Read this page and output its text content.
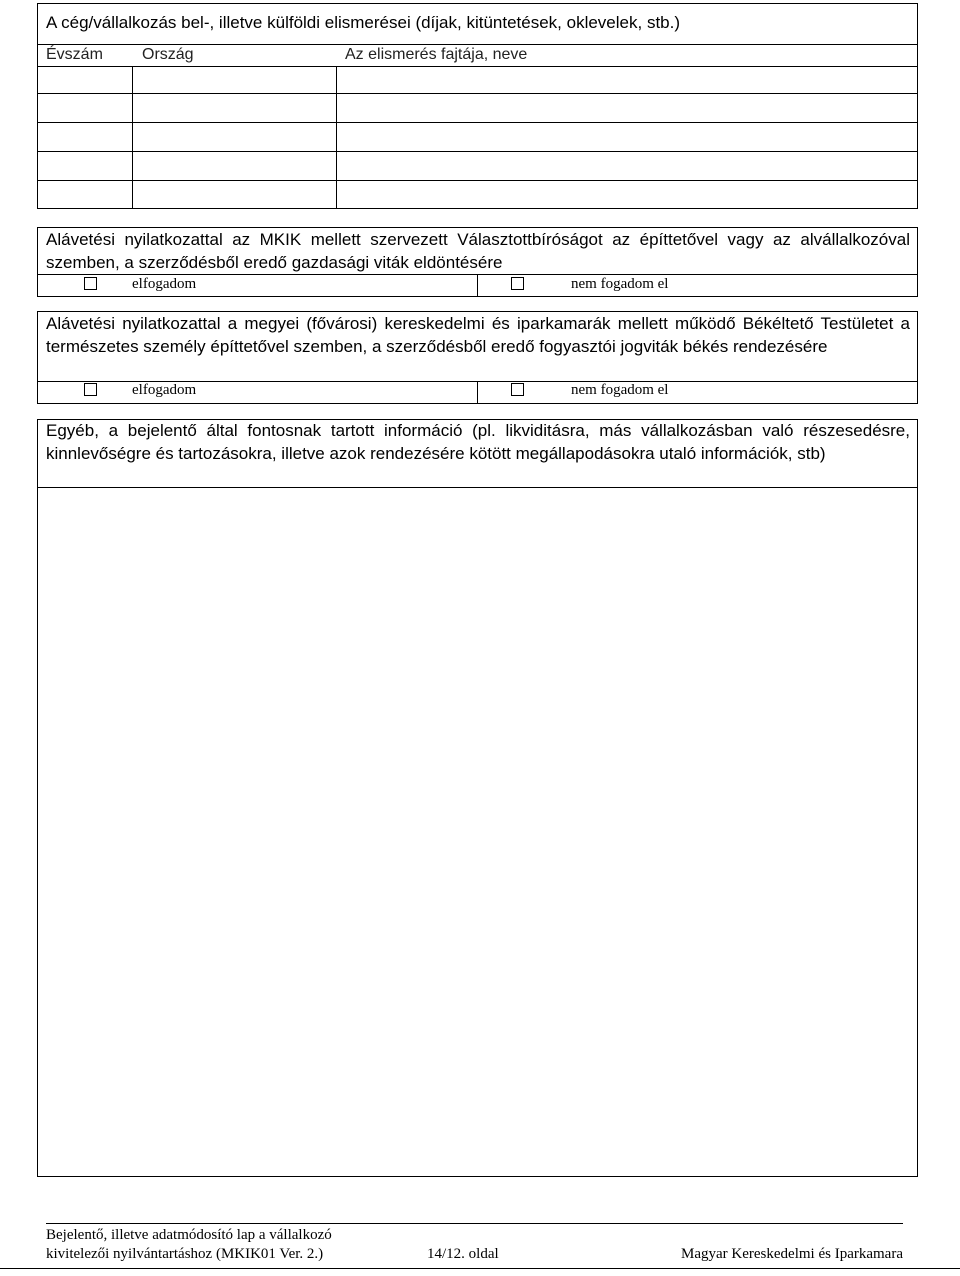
A cég/vállalkozás bel-, illetve külföldi elismerései (díjak, kitüntetések, oklevelek, stb.)
Évszám Ország	Az elismerés fajtája, neve
Alávetési nyilatkozattal az MKIK mellett szervezett Választottbíróságot az építtetővel vagy az alvállalkozóval szemben, a szerződésből eredő gazdasági viták eldöntésére
elfogadom	nem fogadom el
Alávetési nyilatkozattal a megyei (fővárosi) kereskedelmi és iparkamarák mellett működő Békéltető Testületet a természetes személy építtetővel szemben, a szerződésből eredő fogyasztói jogviták békés rendezésére
elfogadom	nem fogadom el
Egyéb, a bejelentő által fontosnak tartott információ (pl. likviditásra, más vállalkozásban való részesedésre, kinnlevőségre és tartozásokra, illetve azok rendezésére kötött megállapodásokra utaló információk, stb)
Bejelentő, illetve adatmódosító lap a vállalkozó
kivitelezői nyilvántartáshoz (MKIK01 Ver. 2.)	14/12. oldal	Magyar Kereskedelmi és Iparkamara
